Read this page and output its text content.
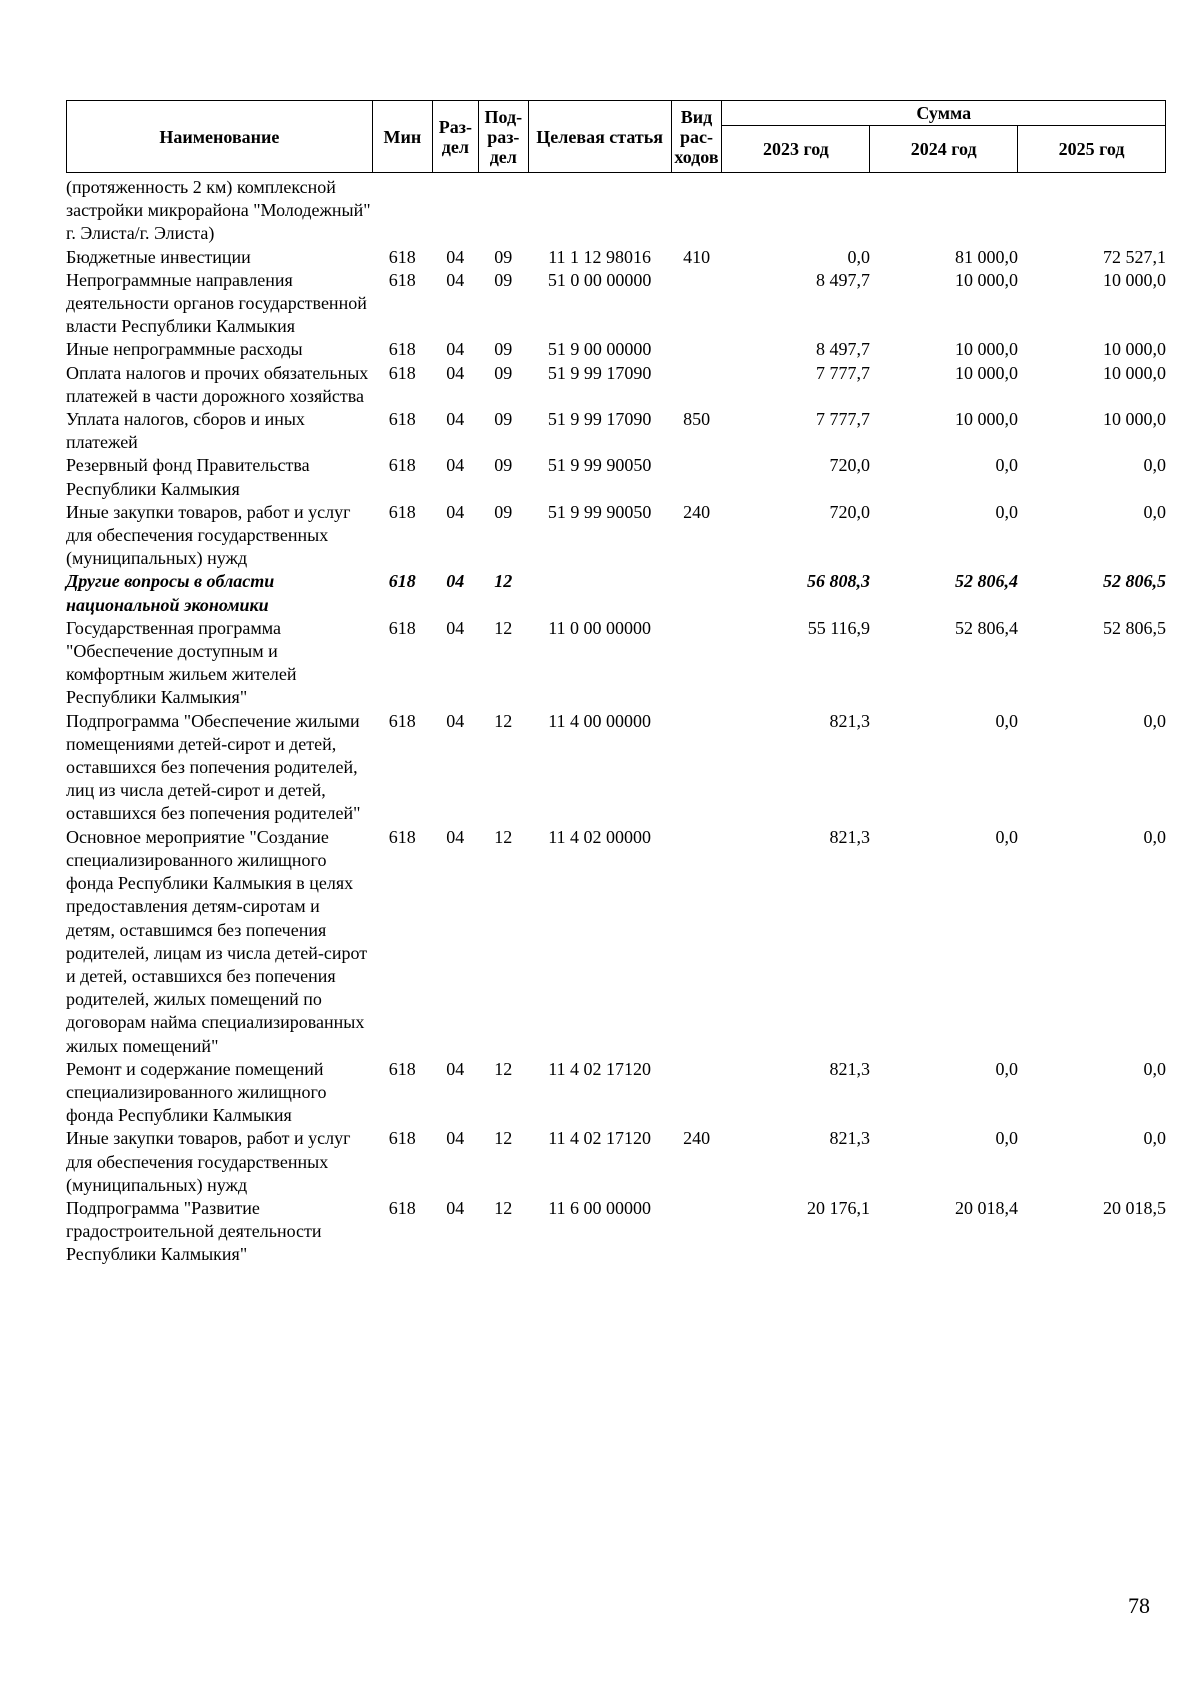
Наименование	Мин	Раз-дел	Под-раз-дел	Целевая статья	Вид рас-ходов	Сумма		
						2023 год	2024 год	2025 год
(протяженность 2 км) комплексной застройки микрорайона "Молодежный" г. Элиста/г. Элиста)								
Бюджетные инвестиции	618	04	09	11 1 12 98016	410	0,0	81 000,0	72 527,1
Непрограммные направления деятельности органов государственной власти Республики Калмыкия	618	04	09	51 0 00 00000		8 497,7	10 000,0	10 000,0
Иные непрограммные расходы	618	04	09	51 9 00 00000		8 497,7	10 000,0	10 000,0
Оплата налогов и прочих обязательных платежей в части дорожного хозяйства	618	04	09	51 9 99 17090		7 777,7	10 000,0	10 000,0
Уплата налогов, сборов и иных платежей	618	04	09	51 9 99 17090	850	7 777,7	10 000,0	10 000,0
Резервный фонд Правительства Республики Калмыкия	618	04	09	51 9 99 90050		720,0	0,0	0,0
Иные закупки товаров, работ и услуг для обеспечения государственных (муниципальных) нужд	618	04	09	51 9 99 90050	240	720,0	0,0	0,0
Другие вопросы в области национальной экономики	618	04	12			56 808,3	52 806,4	52 806,5
Государственная программа "Обеспечение доступным и комфортным жильем жителей Республики Калмыкия"	618	04	12	11 0 00 00000		55 116,9	52 806,4	52 806,5
Подпрограмма "Обеспечение жилыми помещениями детей-сирот и детей, оставшихся без попечения родителей, лиц из числа детей-сирот и детей, оставшихся без попечения родителей"	618	04	12	11 4 00 00000		821,3	0,0	0,0
Основное мероприятие "Создание специализированного жилищного фонда Республики Калмыкия в целях предоставления детям-сиротам и детям, оставшимся без попечения родителей, лицам из числа детей-сирот и детей, оставшихся без попечения родителей, жилых помещений по договорам найма специализированных жилых помещений"	618	04	12	11 4 02 00000		821,3	0,0	0,0
Ремонт и содержание помещений специализированного жилищного фонда Республики Калмыкия	618	04	12	11 4 02 17120		821,3	0,0	0,0
Иные закупки товаров, работ и услуг для обеспечения государственных (муниципальных) нужд	618	04	12	11 4 02 17120	240	821,3	0,0	0,0
Подпрограмма "Развитие градостроительной деятельности Республики Калмыкия"	618	04	12	11 6 00 00000		20 176,1	20 018,4	20 018,5
78
